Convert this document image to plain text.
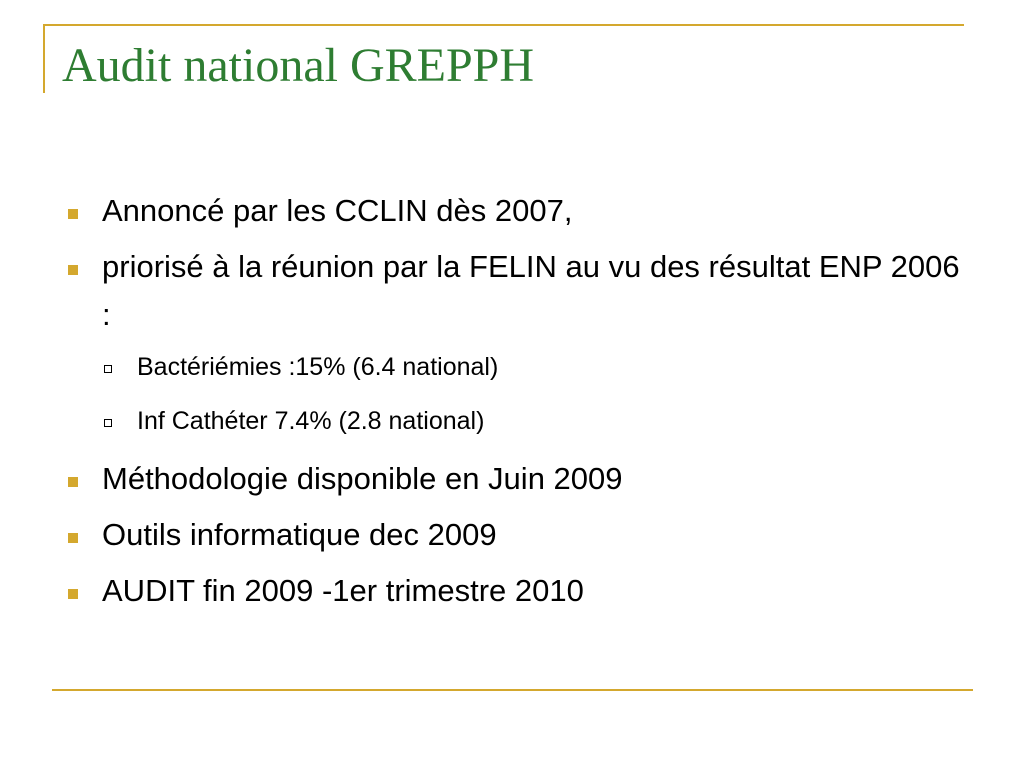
Audit national GREPPH
Annoncé par les CCLIN dès 2007,
priorisé à la réunion par la FELIN au vu des résultat ENP 2006 :
Bactériémies :15% (6.4 national)
Inf Cathéter 7.4% (2.8 national)
Méthodologie disponible en Juin 2009
Outils informatique dec 2009
AUDIT fin 2009 -1er trimestre 2010
